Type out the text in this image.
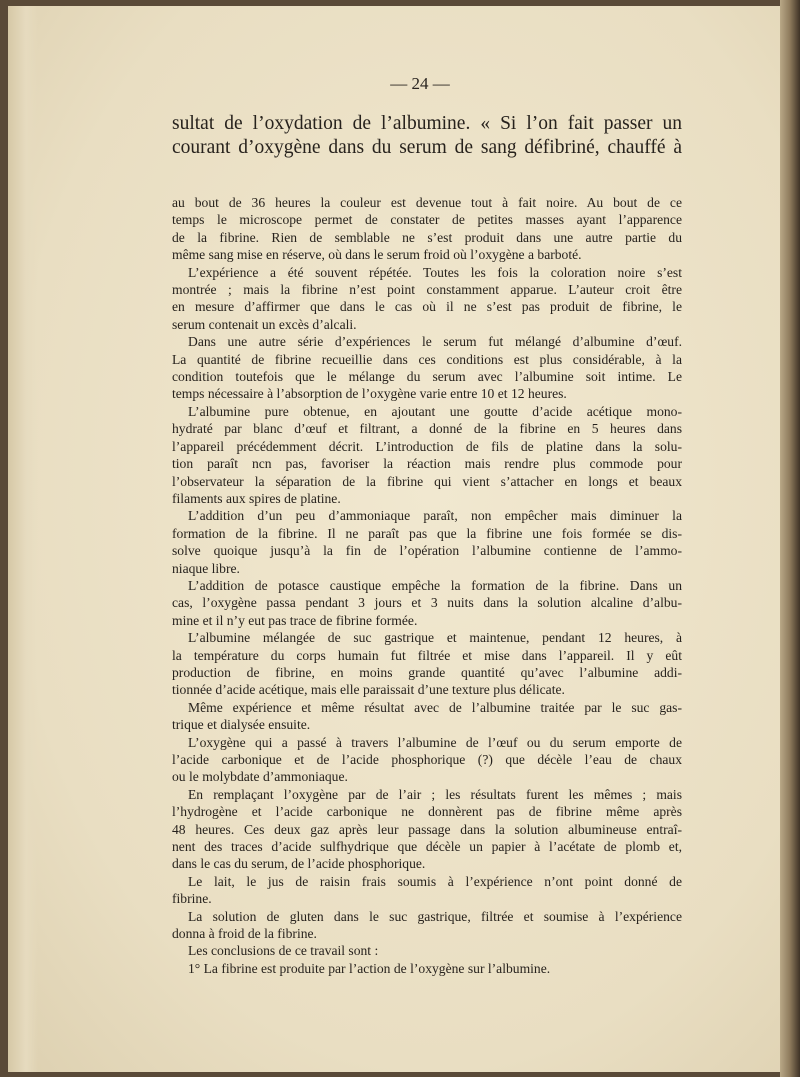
— 24 —
sultat de l’oxydation de l’albumine. « Si l’on fait passer un
courant d’oxygène dans du serum de sang défibriné, chauffé à
au bout de 36 heures la couleur est devenue tout à fait noire. Au bout de ce
temps le microscope permet de constater de petites masses ayant l’apparence
de la fibrine. Rien de semblable ne s’est produit dans une autre partie du
même sang mise en réserve, où dans le serum froid où l’oxygène a barboté.
L’expérience a été souvent répétée. Toutes les fois la coloration noire s’est
montrée ; mais la fibrine n’est point constamment apparue. L’auteur croit être
en mesure d’affirmer que dans le cas où il ne s’est pas produit de fibrine, le
serum contenait un excès d’alcali.
Dans une autre série d’expériences le serum fut mélangé d’albumine d’œuf.
La quantité de fibrine recueillie dans ces conditions est plus considérable, à la
condition toutefois que le mélange du serum avec l’albumine soit intime. Le
temps nécessaire à l’absorption de l’oxygène varie entre 10 et 12 heures.
L’albumine pure obtenue, en ajoutant une goutte d’acide acétique mono-
hydraté par blanc d’œuf et filtrant, a donné de la fibrine en 5 heures dans
l’appareil précédemment décrit. L’introduction de fils de platine dans la solu-
tion paraît ncn pas, favoriser la réaction mais rendre plus commode pour
l’observateur la séparation de la fibrine qui vient s’attacher en longs et beaux
filaments aux spires de platine.
L’addition d’un peu d’ammoniaque paraît, non empêcher mais diminuer la
formation de la fibrine. Il ne paraît pas que la fibrine une fois formée se dis-
solve quoique jusqu’à la fin de l’opération l’albumine contienne de l’ammo-
niaque libre.
L’addition de potasce caustique empêche la formation de la fibrine. Dans un
cas, l’oxygène passa pendant 3 jours et 3 nuits dans la solution alcaline d’albu-
mine et il n’y eut pas trace de fibrine formée.
L’albumine mélangée de suc gastrique et maintenue, pendant 12 heures, à
la température du corps humain fut filtrée et mise dans l’appareil. Il y eût
production de fibrine, en moins grande quantité qu’avec l’albumine addi-
tionnée d’acide acétique, mais elle paraissait d’une texture plus délicate.
Même expérience et même résultat avec de l’albumine traitée par le suc gas-
trique et dialysée ensuite.
L’oxygène qui a passé à travers l’albumine de l’œuf ou du serum emporte de
l’acide carbonique et de l’acide phosphorique (?) que décèle l’eau de chaux
ou le molybdate d’ammoniaque.
En remplaçant l’oxygène par de l’air ; les résultats furent les mêmes ; mais
l’hydrogène et l’acide carbonique ne donnèrent pas de fibrine même après
48 heures. Ces deux gaz après leur passage dans la solution albumineuse entraî-
nent des traces d’acide sulfhydrique que décèle un papier à l’acétate de plomb et,
dans le cas du serum, de l’acide phosphorique.
Le lait, le jus de raisin frais soumis à l’expérience n’ont point donné de
fibrine.
La solution de gluten dans le suc gastrique, filtrée et soumise à l’expérience
donna à froid de la fibrine.
Les conclusions de ce travail sont :
1° La fibrine est produite par l’action de l’oxygène sur l’albumine.
